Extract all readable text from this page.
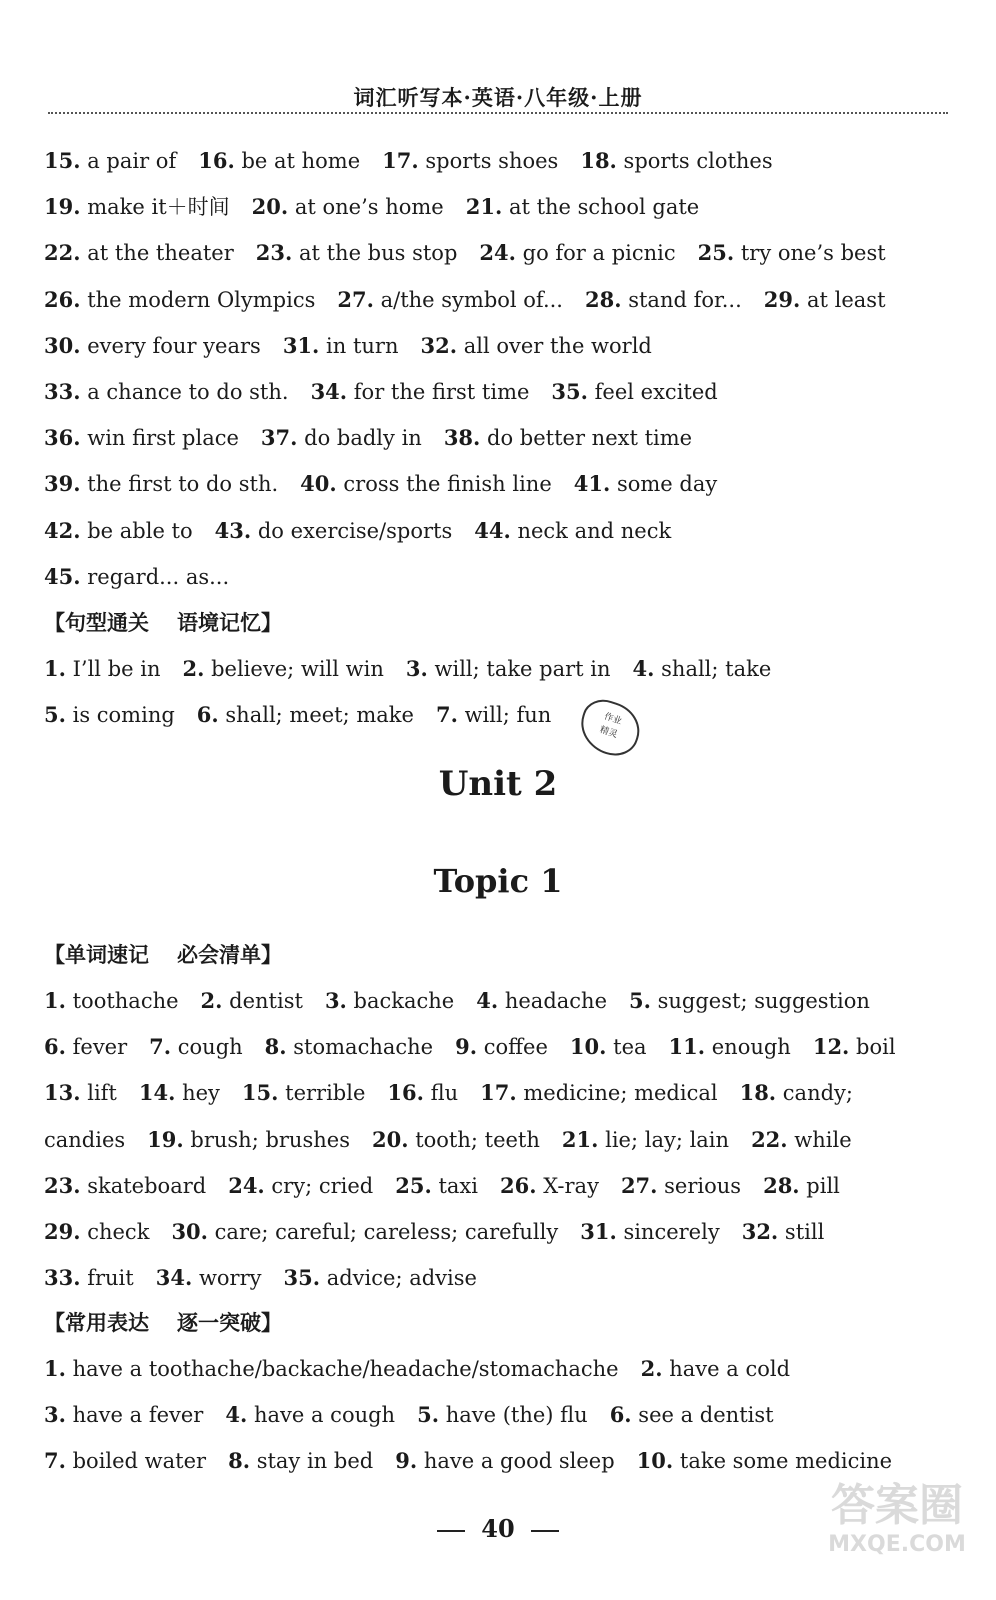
词汇听写本·英语·八年级·上册
15. a pair of 16. be at home 17. sports shoes 18. sports clothes
19. make it＋时间 20. at one’s home 21. at the school gate
22. at the theater 23. at the bus stop 24. go for a picnic 25. try one’s best
26. the modern Olympics 27. a/the symbol of... 28. stand for... 29. at least
30. every four years 31. in turn 32. all over the world
33. a chance to do sth. 34. for the first time 35. feel excited
36. win first place 37. do badly in 38. do better next time
39. the first to do sth. 40. cross the finish line 41. some day
42. be able to 43. do exercise/sports 44. neck and neck
45. regard... as...
【句型通关 语境记忆】
1. I’ll be in 2. believe; will win 3. will; take part in 4. shall; take
5. is coming 6. shall; meet; make 7. will; fun	作业
精灵
Unit 2
Topic 1
【单词速记 必会清单】
1. toothache 2. dentist 3. backache 4. headache 5. suggest; suggestion
6. fever 7. cough 8. stomachache 9. coffee 10. tea 11. enough 12. boil
13. lift 14. hey 15. terrible 16. flu 17. medicine; medical 18. candy;
candies 19. brush; brushes 20. tooth; teeth 21. lie; lay; lain 22. while
23. skateboard 24. cry; cried 25. taxi 26. X-ray 27. serious 28. pill
29. check 30. care; careful; careless; carefully 31. sincerely 32. still
33. fruit 34. worry 35. advice; advise
【常用表达 逐一突破】
1. have a toothache/backache/headache/stomachache 2. have a cold
3. have a fever 4. have a cough 5. have (the) flu 6. see a dentist
7. boiled water 8. stay in bed 9. have a good sleep 10. take some medicine
40	答案圈
MXQE.COM
